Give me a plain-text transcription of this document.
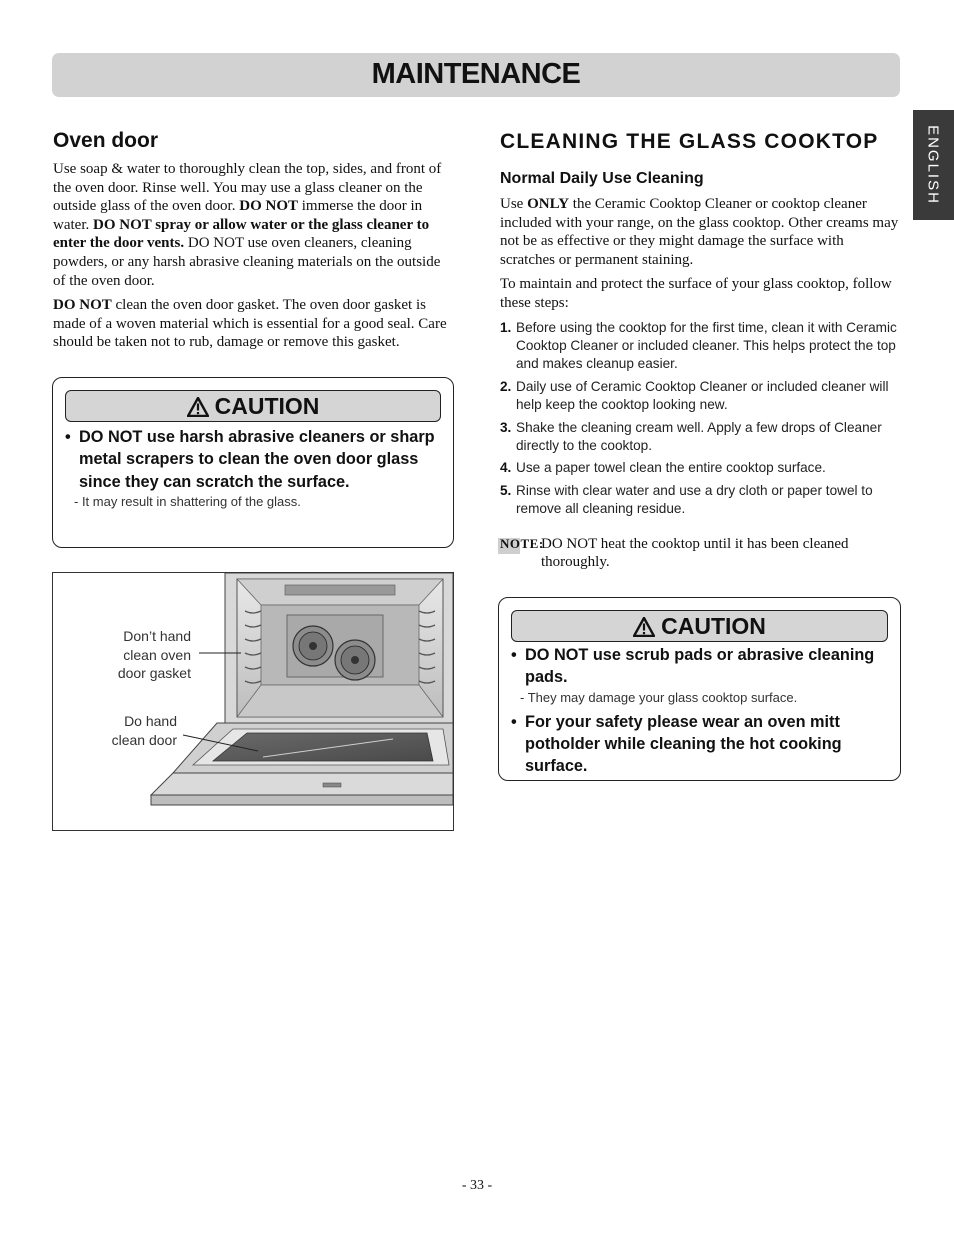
MAINTENANCE
ENGLISH
Oven door

Use soap & water to thoroughly clean the top, sides, and front of the oven door. Rinse well. You may use a glass cleaner on the outside glass of the oven door. DO NOT immerse the door in water. DO NOT spray or allow water or the glass cleaner to enter the door vents. DO NOT use oven cleaners, cleaning powders, or any harsh abrasive cleaning materials on the outside of the oven door.

DO NOT clean the oven door gasket. The oven door gasket is made of a woven material which is essential for a good seal. Care should be taken not to rub, damage or remove this gasket.

CAUTION
• DO NOT use harsh abrasive cleaners or sharp metal scrapers to clean the oven door glass since they can scratch the surface.
- It may result in shattering of the glass.
Don’t hand clean oven door gasket
Do hand clean door
CLEANING THE GLASS COOKTOP
Normal Daily Use Cleaning

Use ONLY the Ceramic Cooktop Cleaner or cooktop cleaner included with your range, on the glass cooktop. Other creams may not be as effective or they might damage the surface with scratches or permanent staining.

To maintain and protect the surface of your glass cooktop, follow these steps:

1. Before using the cooktop for the first time, clean it with Ceramic Cooktop Cleaner or included cleaner. This helps protect the top and makes cleanup easier.
2. Daily use of Ceramic Cooktop Cleaner or included cleaner will help keep the cooktop looking new.
3. Shake the cleaning cream well. Apply a few drops of Cleaner directly to the cooktop.
4. Use a paper towel clean the entire cooktop surface.
5. Rinse with clear water and use a dry cloth or paper towel to remove all cleaning residue.
NOTE:
DO NOT heat the cooktop until it has been cleaned thoroughly.
CAUTION
• DO NOT use scrub pads or abrasive cleaning pads.
- They may damage your glass cooktop surface.
• For your safety please wear an oven mitt potholder while cleaning the hot cooking surface.
- 33 -
